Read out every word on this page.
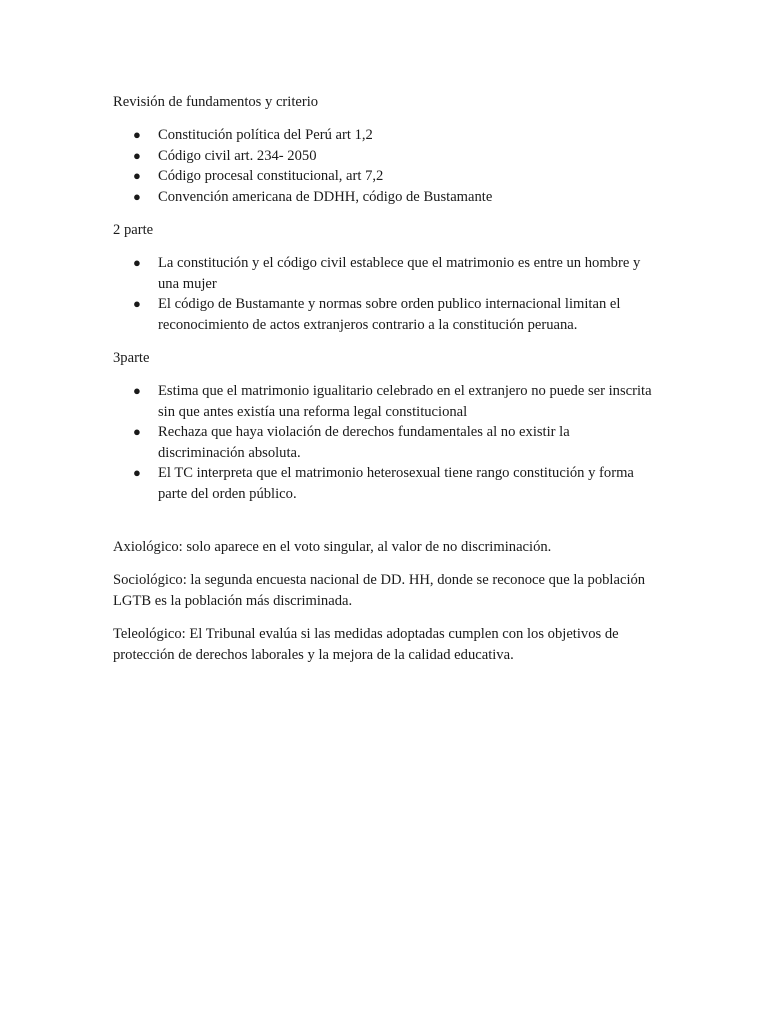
Revisión de fundamentos y criterio

● Constitución política del Perú art 1,2
● Código civil art. 234- 2050
● Código procesal constitucional, art 7,2
● Convención americana de DDHH, código de Bustamante

2 parte

● La constitución y el código civil establece que el matrimonio es entre un hombre y una mujer
● El código de Bustamante y normas sobre orden publico internacional limitan el reconocimiento de actos extranjeros contrario a la constitución peruana.

3parte

● Estima que el matrimonio igualitario celebrado en el extranjero no puede ser inscrita sin que antes existía una reforma legal constitucional
● Rechaza que haya violación de derechos fundamentales al no existir la discriminación absoluta.
● El TC interpreta que el matrimonio heterosexual tiene rango constitución y forma parte del orden público.

Axiológico: solo aparece en el voto singular, al valor de no discriminación.

Sociológico: la segunda encuesta nacional de DD. HH, donde se reconoce que la población LGTB es la población más discriminada.

Teleológico: El Tribunal evalúa si las medidas adoptadas cumplen con los objetivos de protección de derechos laborales y la mejora de la calidad educativa.
